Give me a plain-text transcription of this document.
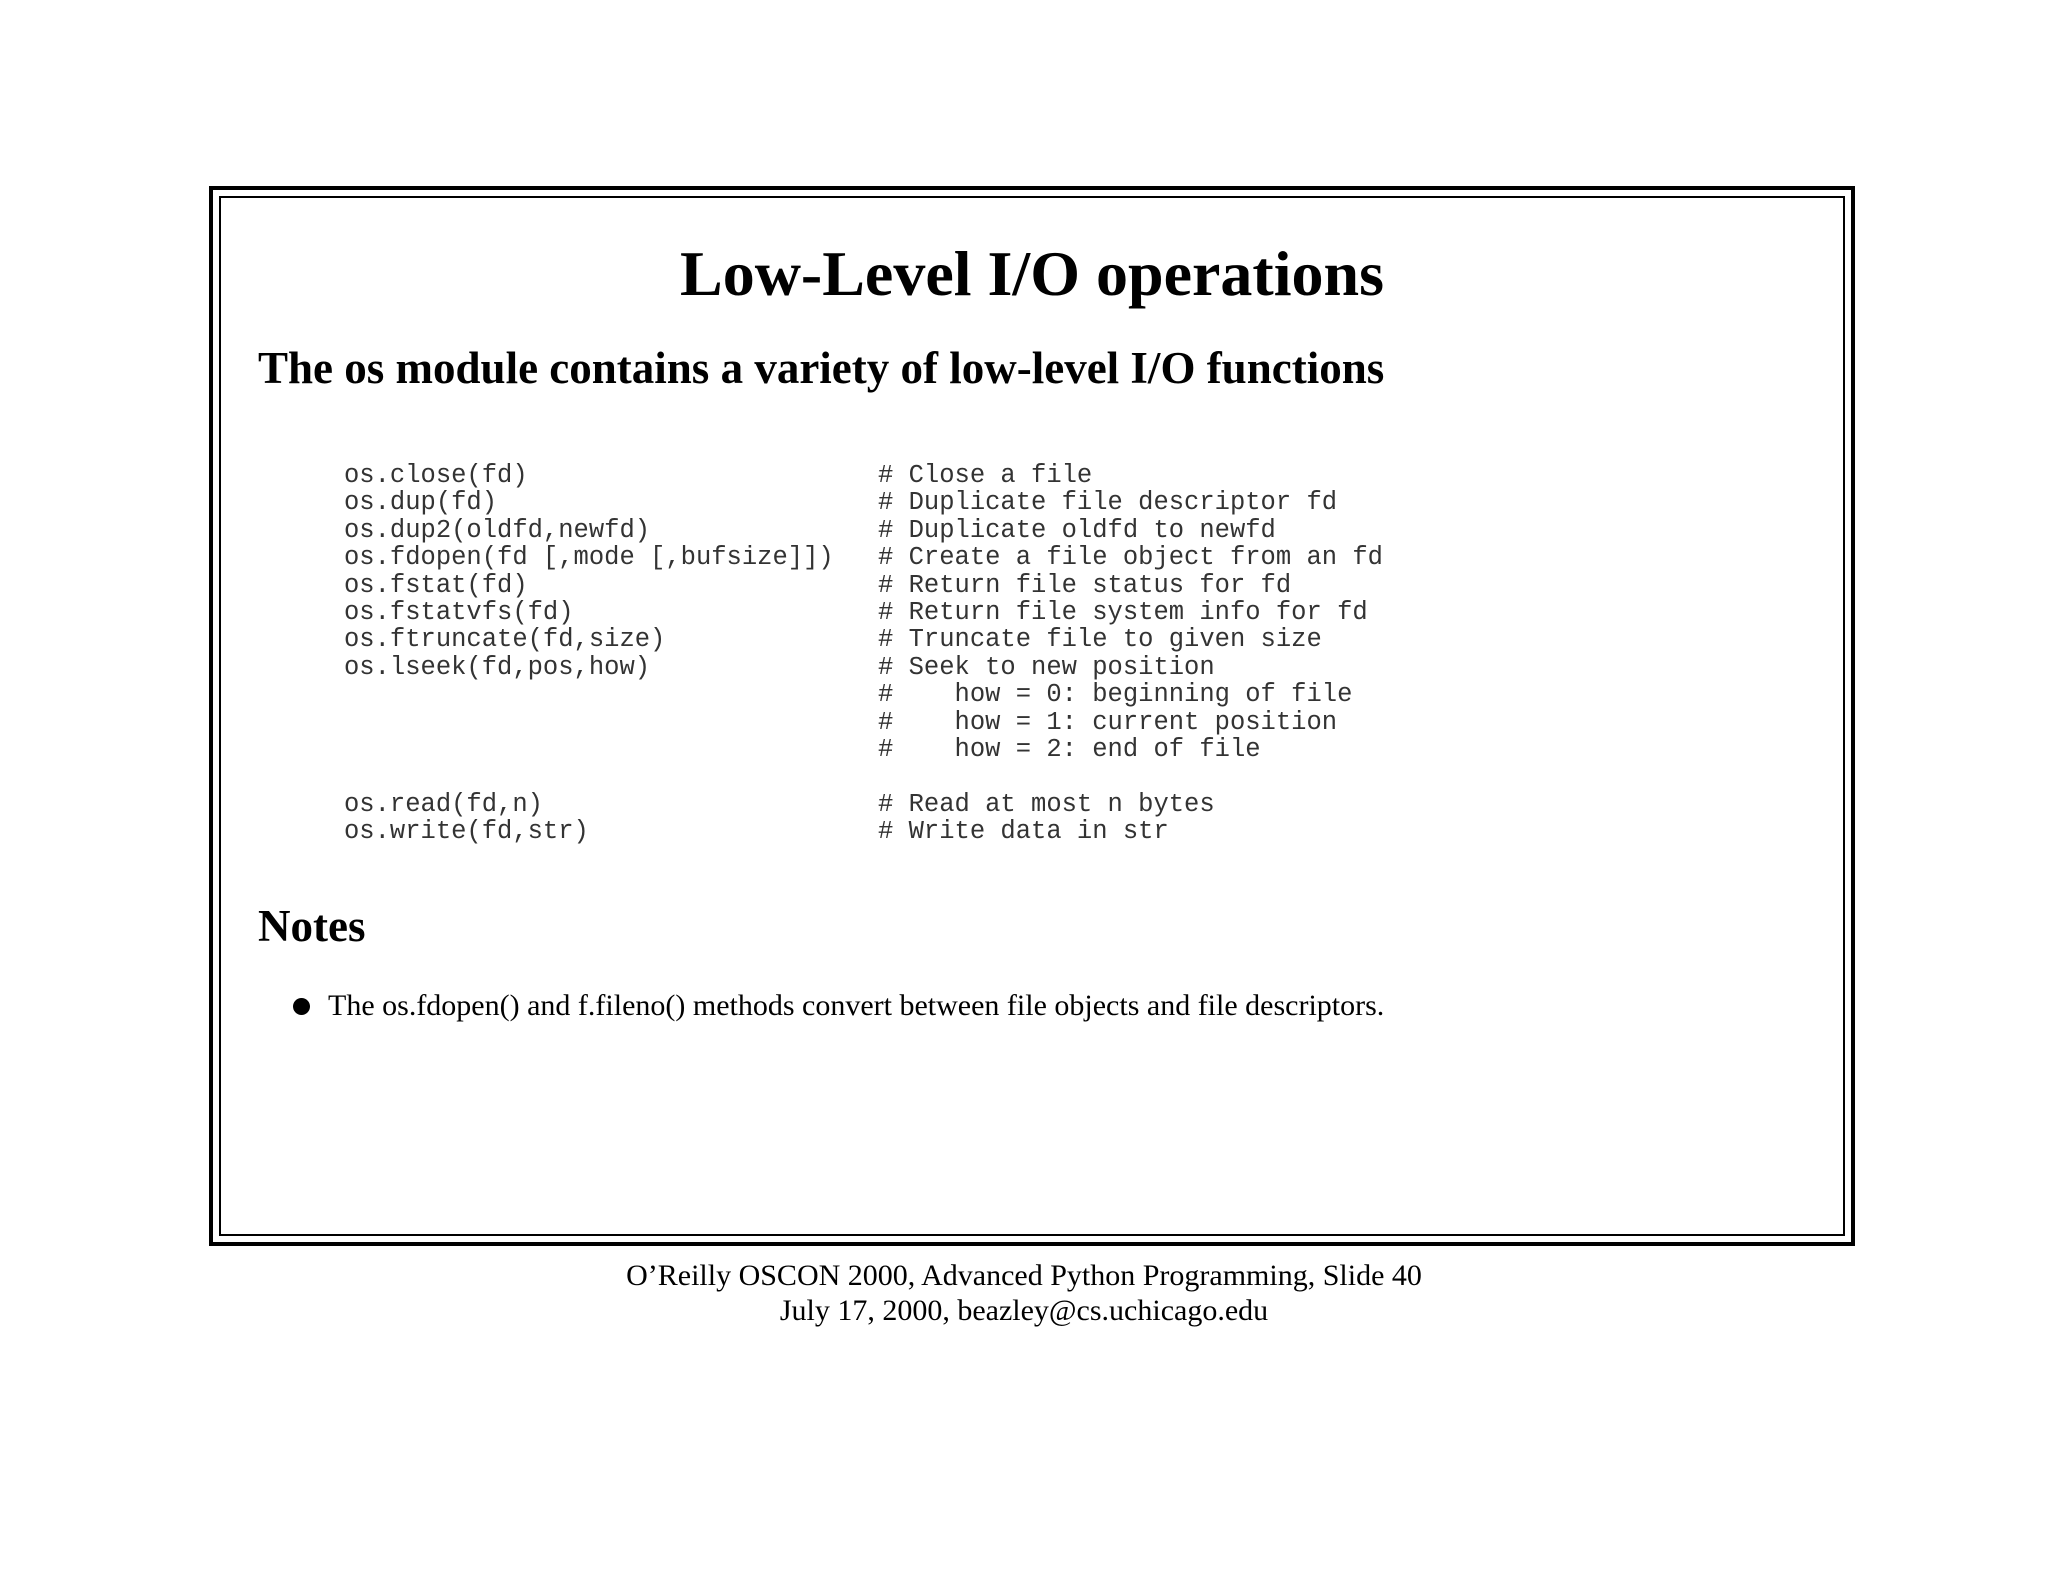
Low-Level I/O operations
The os module contains a variety of low-level I/O functions
os.close(fd)	# Close a file
os.dup(fd)	# Duplicate file descriptor fd
os.dup2(oldfd,newfd)	# Duplicate oldfd to newfd
os.fdopen(fd [,mode [,bufsize]])	# Create a file object from an fd
os.fstat(fd)	# Return file status for fd
os.fstatvfs(fd)	# Return file system info for fd
os.ftruncate(fd,size)	# Truncate file to given size
os.lseek(fd,pos,how)	# Seek to new position
#    how = 0: beginning of file
#    how = 1: current position
#    how = 2: end of file
os.read(fd,n)	# Read at most n bytes
os.write(fd,str)	# Write data in str
Notes
The os.fdopen() and f.fileno() methods convert between file objects and file descriptors.
O’Reilly OSCON 2000, Advanced Python Programming, Slide 40
July 17, 2000, beazley@cs.uchicago.edu
